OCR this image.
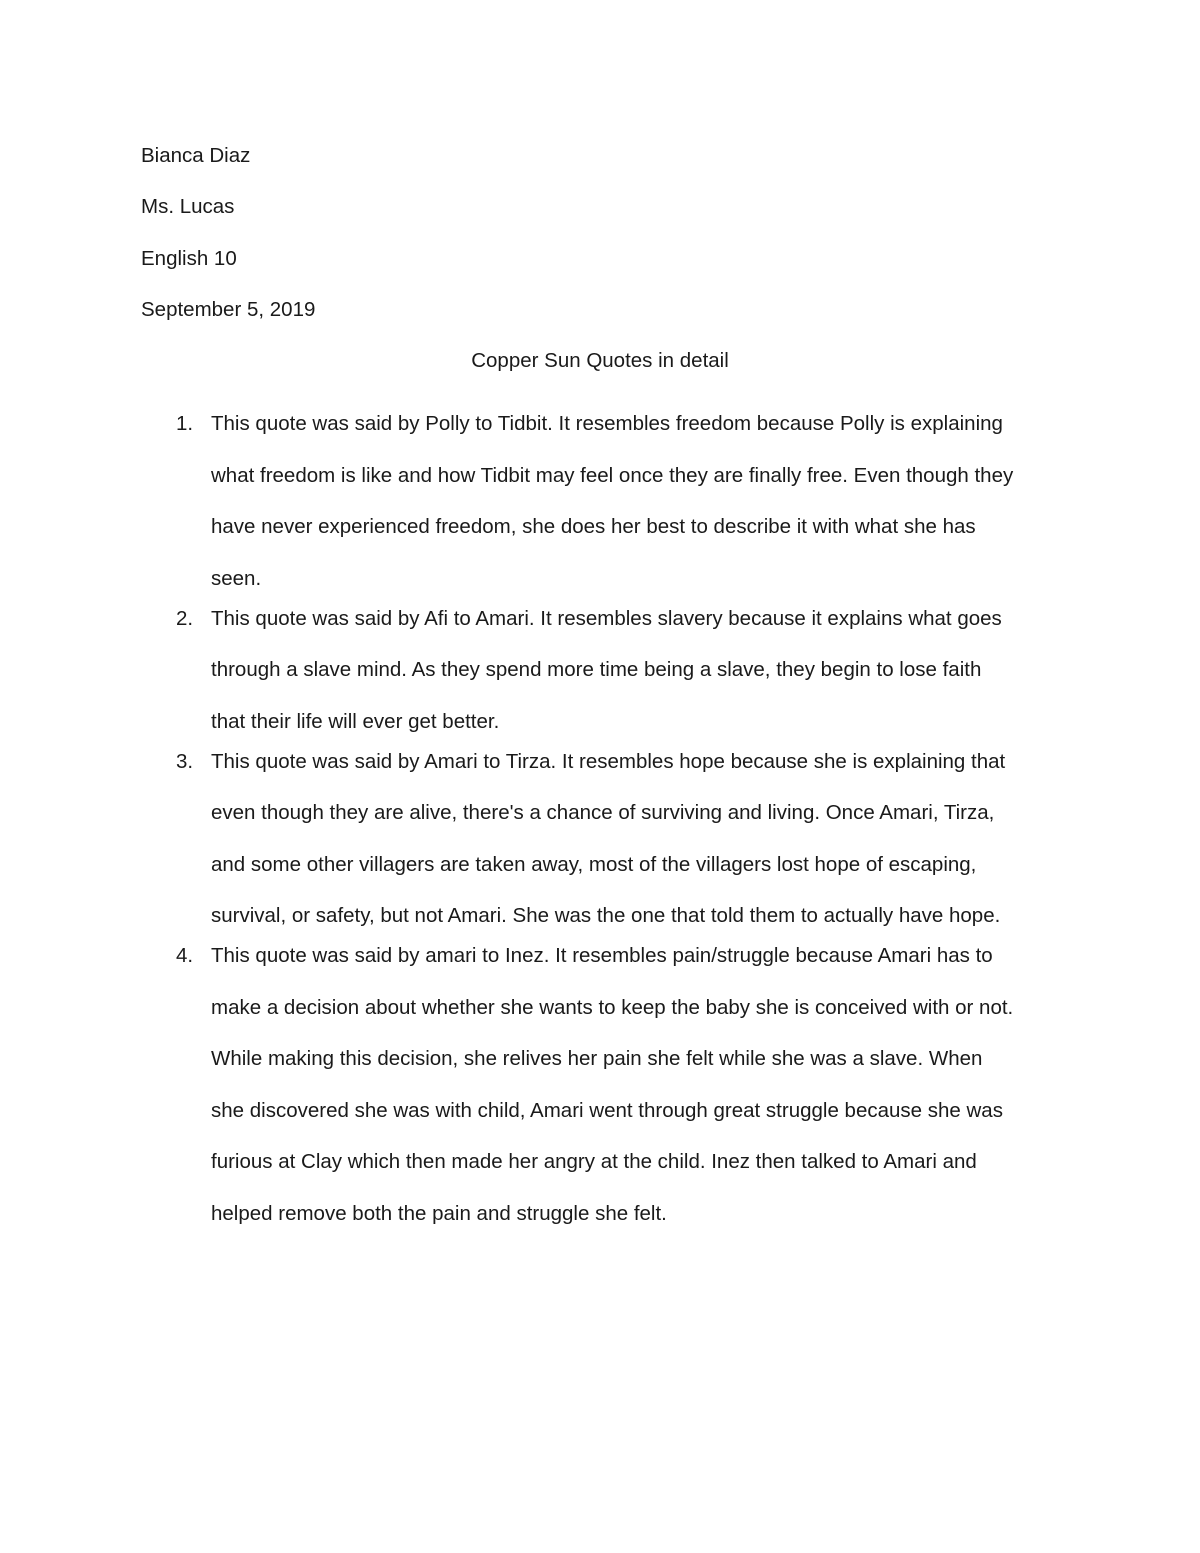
Bianca Diaz
Ms. Lucas
English 10
September 5, 2019
Copper Sun Quotes in detail
1. This quote was said by Polly to Tidbit. It resembles freedom because Polly is explaining
what freedom is like and how Tidbit may feel once they are finally free. Even though they
have never experienced freedom, she does her best to describe it with what she has
seen.
2. This quote was said by Afi to Amari. It resembles slavery because it explains what goes
through a slave mind. As they spend more time being a slave, they begin to lose faith
that their life will ever get better.
3. This quote was said by Amari to Tirza. It resembles hope because she is explaining that
even though they are alive, there's a chance of surviving and living. Once Amari, Tirza,
and some other villagers are taken away, most of the villagers lost hope of escaping,
survival, or safety, but not Amari. She was the one that told them to actually have hope.
4. This quote was said by amari to Inez. It resembles pain/struggle because Amari has to
make a decision about whether she wants to keep the baby she is conceived with or not.
While making this decision, she relives her pain she felt while she was a slave. When
she discovered she was with child, Amari went through great struggle because she was
furious at Clay which then made her angry at the child. Inez then talked to Amari and
helped remove both the pain and struggle she felt.
